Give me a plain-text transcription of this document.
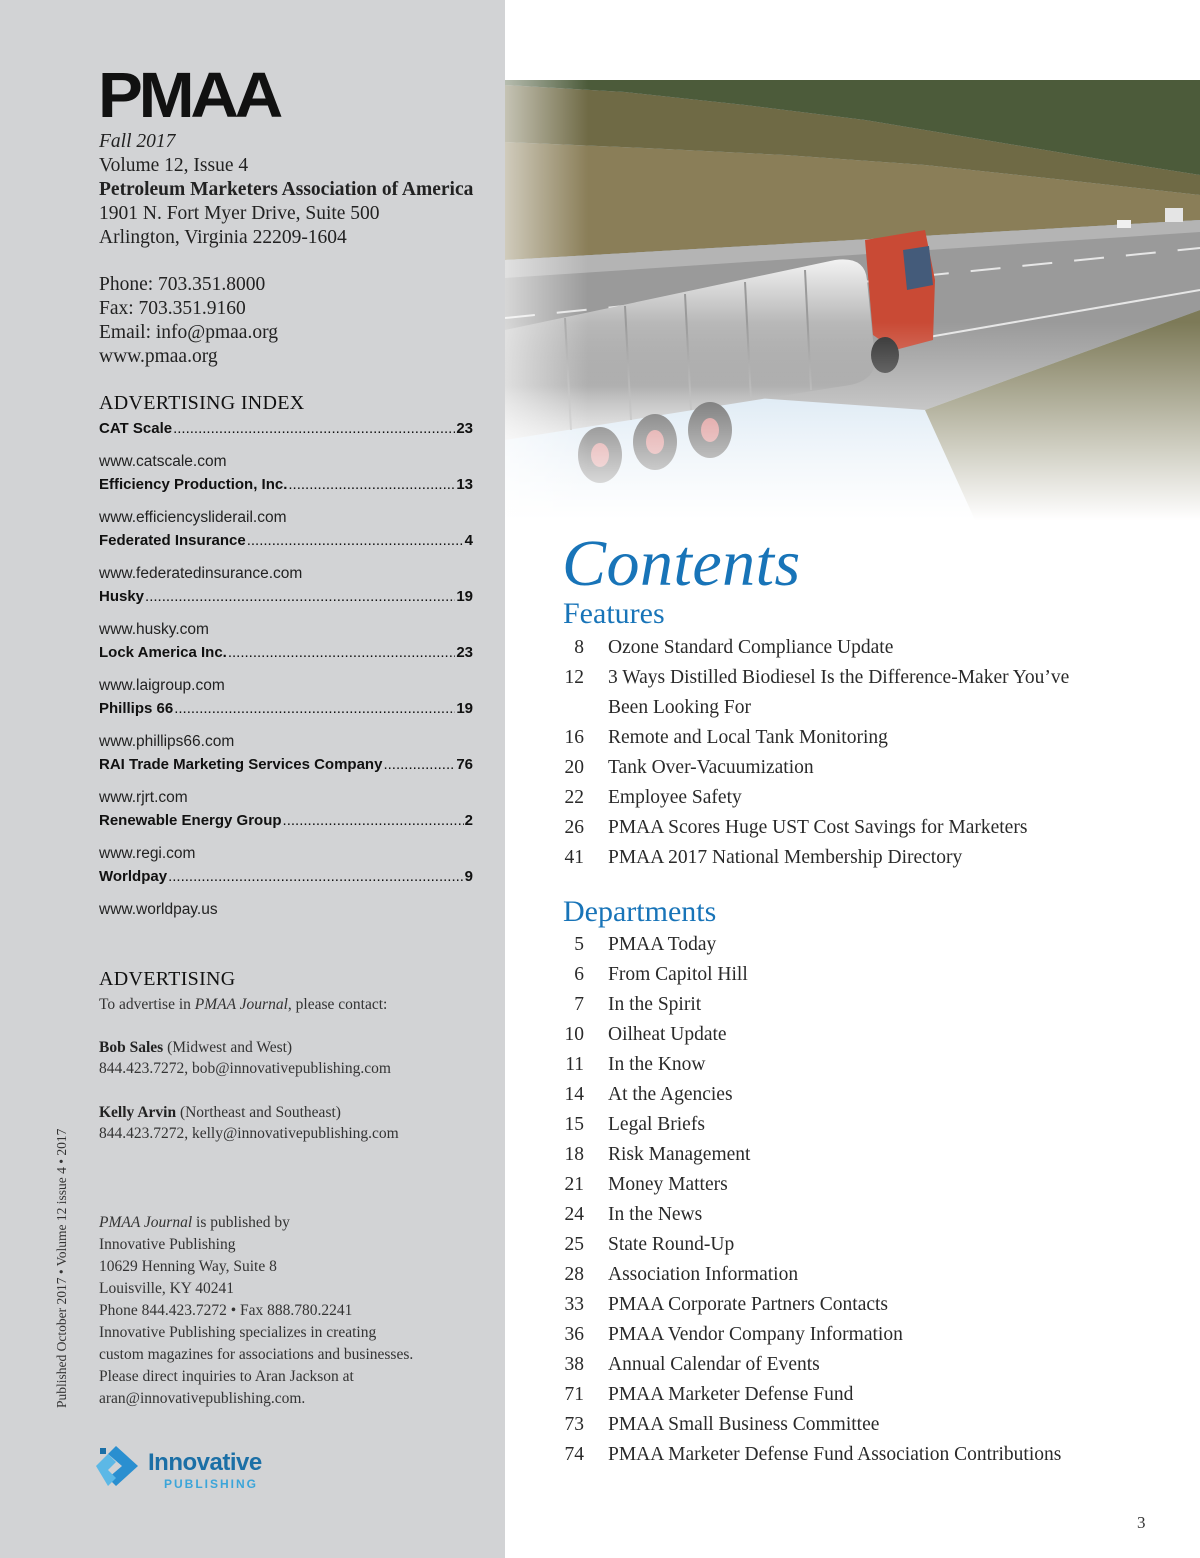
PMAA
Fall 2017
Volume 12, Issue 4
Petroleum Marketers Association of America
1901 N. Fort Myer Drive, Suite 500
Arlington, Virginia 22209-1604
Phone: 703.351.8000
Fax: 703.351.9160
Email: info@pmaa.org
www.pmaa.org
ADVERTISING INDEX
CAT Scale .....	23
www.catscale.com
Efficiency Production, Inc. .....	13
www.efficiencysliderail.com
Federated Insurance .....	4
www.federatedinsurance.com
Husky .....	19
www.husky.com
Lock America Inc. .....	23
www.laigroup.com
Phillips 66 .....	19
www.phillips66.com
RAI Trade Marketing Services Company .....	76
www.rjrt.com
Renewable Energy Group .....	2
www.regi.com
Worldpay .....	9
www.worldpay.us
ADVERTISING
To advertise in PMAA Journal, please contact:
Bob Sales (Midwest and West)
844.423.7272, bob@innovativepublishing.com
Kelly Arvin (Northeast and Southeast)
844.423.7272, kelly@innovativepublishing.com
PMAA Journal is published by
Innovative Publishing
10629 Henning Way, Suite 8
Louisville, KY 40241
Phone 844.423.7272 • Fax 888.780.2241
Innovative Publishing specializes in creating
custom magazines for associations and businesses.
Please direct inquiries to Aran Jackson at
aran@innovativepublishing.com.
Published October 2017 • Volume 12 issue 4 • 2017
Innovative
PUBLISHING
Contents
Features
8 Ozone Standard Compliance Update
12 3 Ways Distilled Biodiesel Is the Difference-Maker You’ve Been Looking For
16 Remote and Local Tank Monitoring
20 Tank Over-Vacuumization
22 Employee Safety
26 PMAA Scores Huge UST Cost Savings for Marketers
41 PMAA 2017 National Membership Directory
Departments
5 PMAA Today
6 From Capitol Hill
7 In the Spirit
10 Oilheat Update
11 In the Know
14 At the Agencies
15 Legal Briefs
18 Risk Management
21 Money Matters
24 In the News
25 State Round-Up
28 Association Information
33 PMAA Corporate Partners Contacts
36 PMAA Vendor Company Information
38 Annual Calendar of Events
71 PMAA Marketer Defense Fund
73 PMAA Small Business Committee
74 PMAA Marketer Defense Fund Association Contributions
3
